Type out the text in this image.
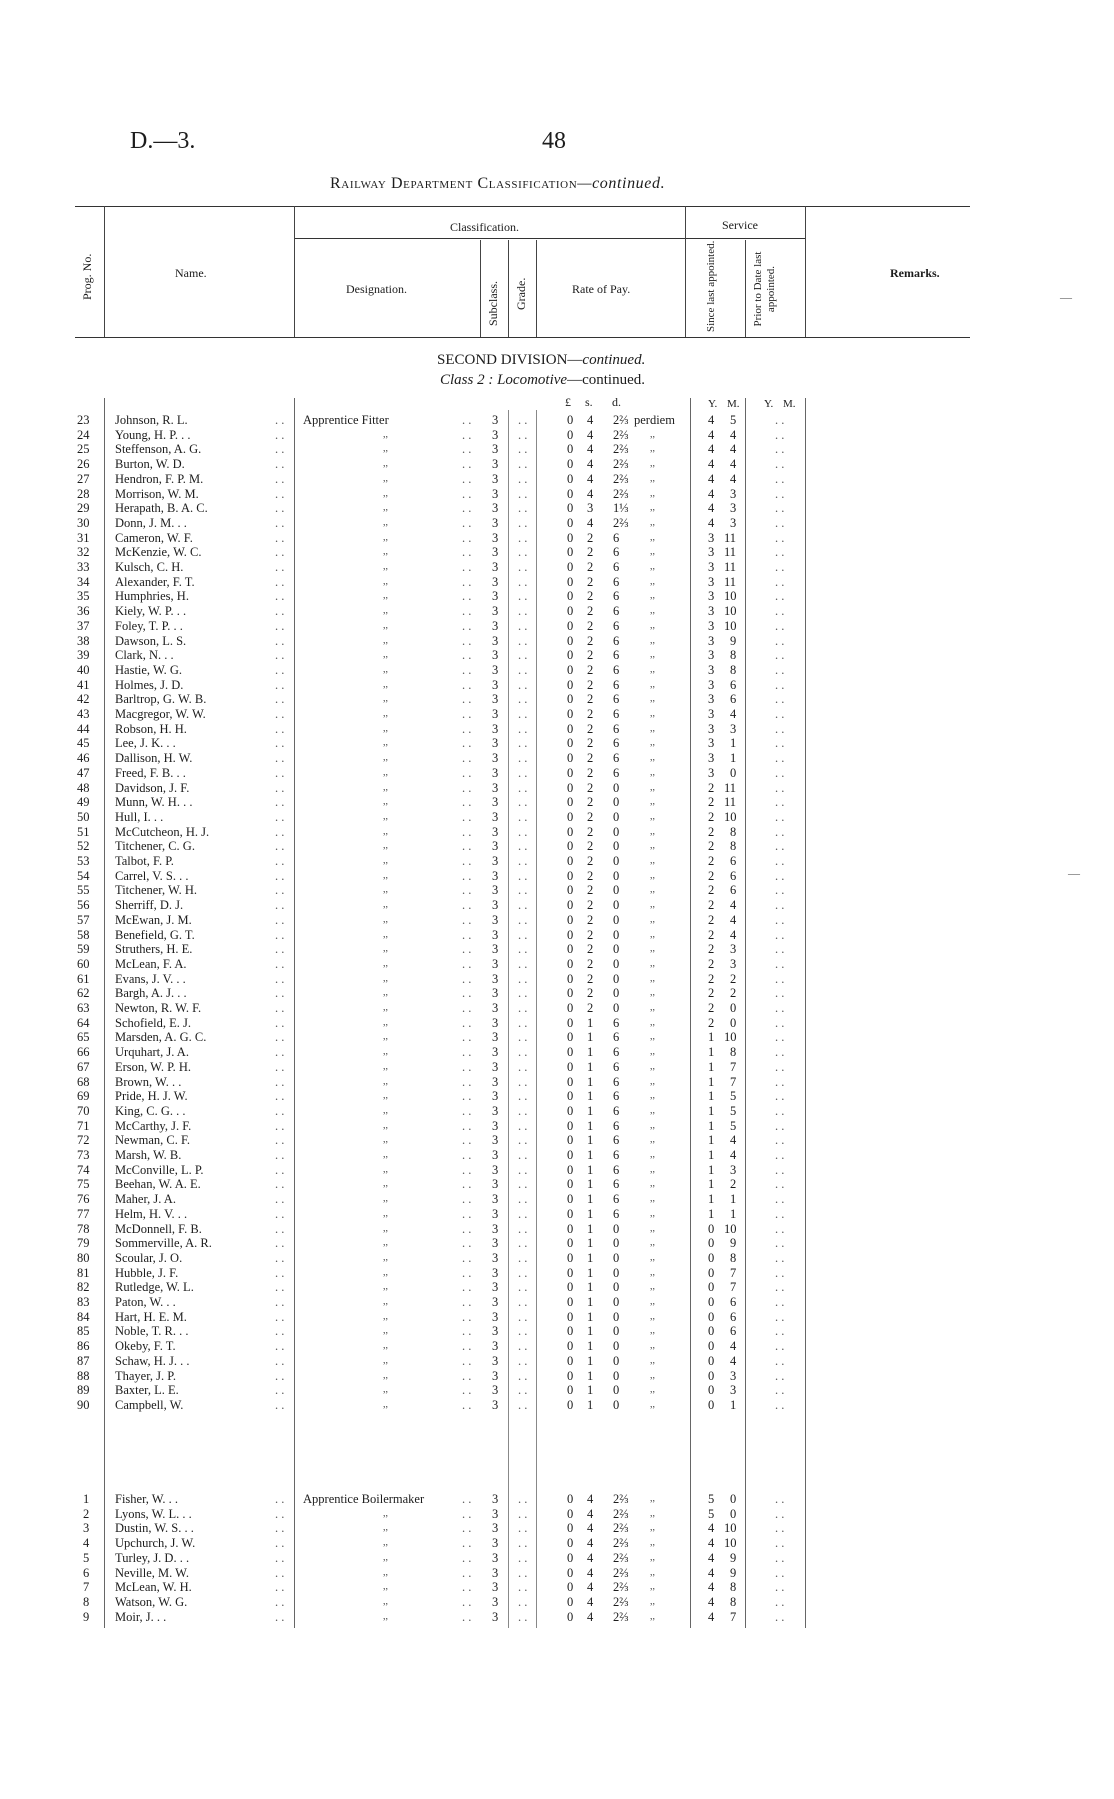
D.—3.	48
Railway Department Classification—continued.
Prog. No.	Name.
Classification.
Designation.	Subclass. Grade.	Rate of Pay.
Service
Since last appointed.	Prior to Date last appointed.	Remarks.
SECOND DIVISION—continued.
Class 2 : Locomotive—continued.
£ s. d.	Y. M. Y. M.
23 Johnson, R. L.	. . Apprentice Fitter	. . 3 . .	0 4 2⅔ perdiem	4 5	. .
24 Young, H. P. . .	. .	,,	. . 3 . .	0 4 2⅔ ,,	4 4	. .
25 Steffenson, A. G.	. .	,,	. . 3 . .	0 4 2⅔ ,,	4 4	. .
26 Burton, W. D.	. .	,,	. . 3 . .	0 4 2⅔ ,,	4 4	. .
27 Hendron, F. P. M.	. .	,,	. . 3 . .	0 4 2⅔ ,,	4 4	. .
28 Morrison, W. M.	. .	,,	. . 3 . .	0 4 2⅔ ,,	4 3	. .
29 Herapath, B. A. C.	. .	,,	. . 3 . .	0 3 1⅓ ,,	4 3	. .
30 Donn, J. M. . .	. .	,,	. . 3 . .	0 4 2⅔ ,,	4 3	. .
31 Cameron, W. F.	. .	,,	. . 3 . .	0 2 6	,,	3 11	. .
32 McKenzie, W. C.	. .	,,	. . 3 . .	0 2 6	,,	3 11	. .
33 Kulsch, C. H.	. .	,,	. . 3 . .	0 2 6	,,	3 11	. .
34 Alexander, F. T.	. .	,,	. . 3 . .	0 2 6	,,	3 11	. .
35 Humphries, H.	. .	,,	. . 3 . .	0 2 6	,,	3 10	. .
36 Kiely, W. P. . .	. .	,,	. . 3 . .	0 2 6	,,	3 10	. .
37 Foley, T. P. . .	. .	,,	. . 3 . .	0 2 6	,,	3 10	. .
38 Dawson, L. S.	. .	,,	. . 3 . .	0 2 6	,,	3 9	. .
39 Clark, N. . .	. .	,,	. . 3 . .	0 2 6	,,	3 8	. .
40 Hastie, W. G.	. .	,,	. . 3 . .	0 2 6	,,	3 8	. .
41 Holmes, J. D.	. .	,,	. . 3 . .	0 2 6	,,	3 6	. .
42 Barltrop, G. W. B.	. .	,,	. . 3 . .	0 2 6	,,	3 6	. .
43 Macgregor, W. W.	. .	,,	. . 3 . .	0 2 6	,,	3 4	. .
44 Robson, H. H.	. .	,,	. . 3 . .	0 2 6	,,	3 3	. .
45 Lee, J. K. . .	. .	,,	. . 3 . .	0 2 6	,,	3 1	. .
46 Dallison, H. W.	. .	,,	. . 3 . .	0 2 6	,,	3 1	. .
47 Freed, F. B. . .	. .	,,	. . 3 . .	0 2 6	,,	3 0	. .
48 Davidson, J. F.	. .	,,	. . 3 . .	0 2 0	,,	2 11	. .
49 Munn, W. H. . .	. .	,,	. . 3 . .	0 2 0	,,	2 11	. .
50 Hull, I. . .	. .	,,	. . 3 . .	0 2 0	,,	2 10	. .
51 McCutcheon, H. J.	. .	,,	. . 3 . .	0 2 0	,,	2 8	. .
52 Titchener, C. G.	. .	,,	. . 3 . .	0 2 0	,,	2 8	. .
53 Talbot, F. P.	. .	,,	. . 3 . .	0 2 0	,,	2 6	. .
54 Carrel, V. S. . .	. .	,,	. . 3 . .	0 2 0	,,	2 6	. .
55 Titchener, W. H.	. .	,,	. . 3 . .	0 2 0	,,	2 6	. .
56 Sherriff, D. J.	. .	,,	. . 3 . .	0 2 0	,,	2 4	. .
57 McEwan, J. M.	. .	,,	. . 3 . .	0 2 0	,,	2 4	. .
58 Benefield, G. T.	. .	,,	. . 3 . .	0 2 0	,,	2 4	. .
59 Struthers, H. E.	. .	,,	. . 3 . .	0 2 0	,,	2 3	. .
60 McLean, F. A.	. .	,,	. . 3 . .	0 2 0	,,	2 3	. .
61 Evans, J. V. . .	. .	,,	. . 3 . .	0 2 0	,,	2 2	. .
62 Bargh, A. J. . .	. .	,,	. . 3 . .	0 2 0	,,	2 2	. .
63 Newton, R. W. F.	. .	,,	. . 3 . .	0 2 0	,,	2 0	. .
64 Schofield, E. J.	. .	,,	. . 3 . .	0 1 6	,,	2 0	. .
65 Marsden, A. G. C.	. .	,,	. . 3 . .	0 1 6	,,	1 10	. .
66 Urquhart, J. A.	. .	,,	. . 3 . .	0 1 6	,,	1 8	. .
67 Erson, W. P. H.	. .	,,	. . 3 . .	0 1 6	,,	1 7	. .
68 Brown, W. . .	. .	,,	. . 3 . .	0 1 6	,,	1 7	. .
69 Pride, H. J. W.	. .	,,	. . 3 . .	0 1 6	,,	1 5	. .
70 King, C. G. . .	. .	,,	. . 3 . .	0 1 6	,,	1 5	. .
71 McCarthy, J. F.	. .	,,	. . 3 . .	0 1 6	,,	1 5	. .
72 Newman, C. F.	. .	,,	. . 3 . .	0 1 6	,,	1 4	. .
73 Marsh, W. B.	. .	,,	. . 3 . .	0 1 6	,,	1 4	. .
74 McConville, L. P.	. .	,,	. . 3 . .	0 1 6	,,	1 3	. .
75 Beehan, W. A. E.	. .	,,	. . 3 . .	0 1 6	,,	1 2	. .
76 Maher, J. A.	. .	,,	. . 3 . .	0 1 6	,,	1 1	. .
77 Helm, H. V. . .	. .	,,	. . 3 . .	0 1 6	,,	1 1	. .
78 McDonnell, F. B.	. .	,,	. . 3 . .	0 1 0	,,	0 10	. .
79 Sommerville, A. R.	. .	,,	. . 3 . .	0 1 0	,,	0 9	. .
80 Scoular, J. O.	. .	,,	. . 3 . .	0 1 0	,,	0 8	. .
81 Hubble, J. F.	. .	,,	. . 3 . .	0 1 0	,,	0 7	. .
82 Rutledge, W. L.	. .	,,	. . 3 . .	0 1 0	,,	0 7	. .
83 Paton, W. . .	. .	,,	. . 3 . .	0 1 0	,,	0 6	. .
84 Hart, H. E. M.	. .	,,	. . 3 . .	0 1 0	,,	0 6	. .
85 Noble, T. R. . .	. .	,,	. . 3 . .	0 1 0	,,	0 6	. .
86 Okeby, F. T.	. .	,,	. . 3 . .	0 1 0	,,	0 4	. .
87 Schaw, H. J. . .	. .	,,	. . 3 . .	0 1 0	,,	0 4	. .
88 Thayer, J. P.	. .	,,	. . 3 . .	0 1 0	,,	0 3	. .
89 Baxter, L. E.	. .	,,	. . 3 . .	0 1 0	,,	0 3	. .
90 Campbell, W.	. .	,,	. . 3 . .	0 1 0	,,	0 1	. .
1 Fisher, W. . .	. . Apprentice Boilermaker	. . 3 . .	0 4 2⅔ ,,	5 0	. .
2 Lyons, W. L. . .	. .	,,	. . 3 . .	0 4 2⅔ ,,	5 0	. .
3 Dustin, W. S. . .	. .	,,	. . 3 . .	0 4 2⅔ ,,	4 10	. .
4 Upchurch, J. W.	. .	,,	. . 3 . .	0 4 2⅔ ,,	4 10	. .
5 Turley, J. D. . .	. .	,,	. . 3 . .	0 4 2⅔ ,,	4 9	. .
6 Neville, M. W.	. .	,,	. . 3 . .	0 4 2⅔ ,,	4 9	. .
7 McLean, W. H.	. .	,,	. . 3 . .	0 4 2⅔ ,,	4 8	. .
8 Watson, W. G.	. .	,,	. . 3 . .	0 4 2⅔ ,,	4 8	. .
9 Moir, J. . .	. .	,,	. . 3 . .	0 4 2⅔ ,,	4 7	. .
—
—
